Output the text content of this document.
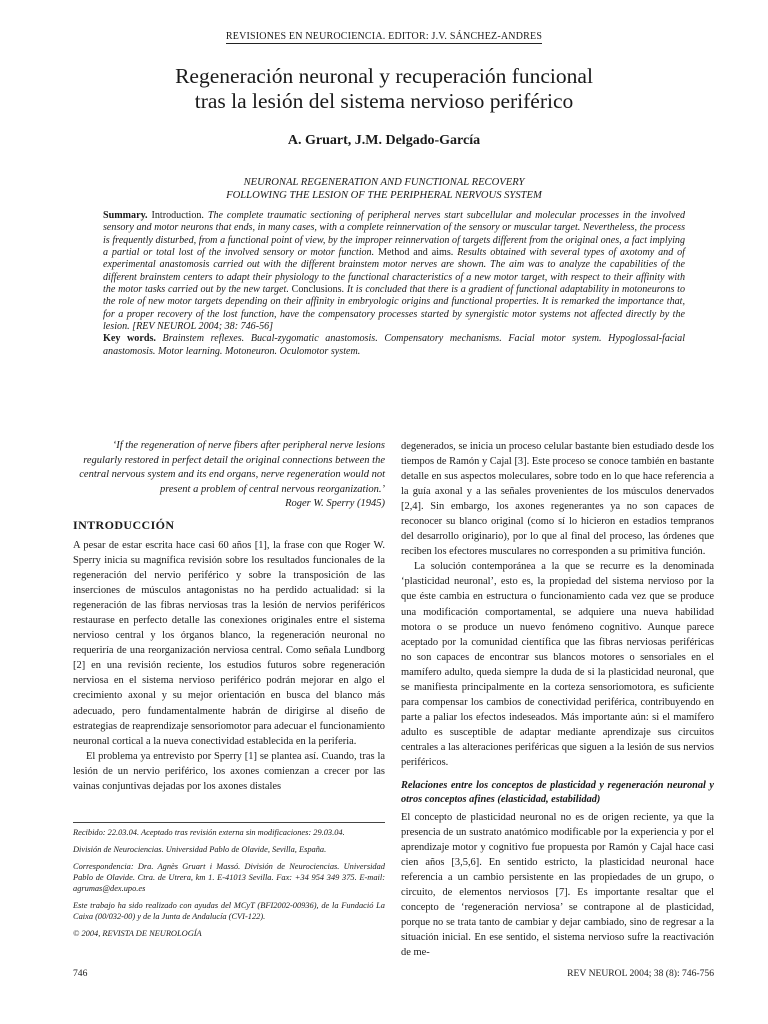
REVISIONES EN NEUROCIENCIA. EDITOR: J.V. SÁNCHEZ-ANDRES
Regeneración neuronal y recuperación funcional
tras la lesión del sistema nervioso periférico
A. Gruart, J.M. Delgado-García
NEURONAL REGENERATION AND FUNCTIONAL RECOVERY
FOLLOWING THE LESION OF THE PERIPHERAL NERVOUS SYSTEM
Summary. Introduction. The complete traumatic sectioning of peripheral nerves start subcellular and molecular processes in the involved sensory and motor neurons that ends, in many cases, with a complete reinnervation of the sensory or muscular target. Nevertheless, the process is frequently disturbed, from a functional point of view, by the improper reinnervation of targets different from the original ones, a fact implying a partial or total lost of the involved sensory or motor function. Method and aims. Results obtained with several types of axotomy and of experimental anastomosis carried out with the different brainstem motor nerves are shown. The aim was to analyze the capabilities of the different brainstem centers to adapt their physiology to the functional characteristics of a new motor target, with respect to their affinity with the motor tasks carried out by the new target. Conclusions. It is concluded that there is a gradient of functional adaptability in motoneurons to the role of new motor targets depending on their affinity in embryologic origins and functional properties. It is remarked the importance that, for a proper recovery of the lost function, have the compensatory processes started by synergistic motor systems not affected directly by the lesion. [REV NEUROL 2004; 38: 746-56]
Key words. Brainstem reflexes. Bucal-zygomatic anastomosis. Compensatory mechanisms. Facial motor system. Hypoglossal-facial anastomosis. Motor learning. Motoneuron. Oculomotor system.
‘If the regeneration of nerve fibers after peripheral nerve lesions regularly restored in perfect detail the original connections between the central nervous system and its end organs, nerve regeneration would not present a problem of central nervous reorganization.’
Roger W. Sperry (1945)
INTRODUCCIÓN

A pesar de estar escrita hace casi 60 años [1], la frase con que Roger W. Sperry inicia su magnífica revisión sobre los resultados funcionales de la regeneración del nervio periférico y sobre la transposición de las inserciones de músculos antagonistas no ha perdido actualidad: si la regeneración de las fibras nerviosas tras la lesión de nervios periféricos restaurase en perfecto detalle las conexiones originales entre el sistema nervioso central y los órganos blanco, la regeneración neuronal no requeriría de una reorganización nerviosa central. Como señala Lundborg [2] en una revisión reciente, los estudios futuros sobre regeneración nerviosa en el sistema nervioso periférico podrán mejorar en algo el crecimiento axonal y su mejor orientación en busca del blanco más adecuado, pero fundamentalmente habrán de dirigirse al diseño de estrategias de reaprendizaje sensoriomotor para adecuar el funcionamiento neuronal cortical a la nueva conectividad establecida en la periferia.

El problema ya entrevisto por Sperry [1] se plantea así. Cuando, tras la lesión de un nervio periférico, los axones comienzan a crecer por las vainas conjuntivas dejadas por los axones distales

Recibido: 22.03.04. Aceptado tras revisión externa sin modificaciones: 29.03.04.
División de Neurociencias. Universidad Pablo de Olavide, Sevilla, España.
Correspondencia: Dra. Agnès Gruart i Massó. División de Neurociencias. Universidad Pablo de Olavide. Ctra. de Utrera, km 1. E-41013 Sevilla. Fax: +34 954 349 375. E-mail: agrumas@dex.upo.es
Este trabajo ha sido realizado con ayudas del MCyT (BFI2002-00936), de la Fundació La Caixa (00/032-00) y de la Junta de Andalucía (CVI-122).
© 2004, REVISTA DE NEUROLOGÍA

degenerados, se inicia un proceso celular bastante bien estudiado desde los tiempos de Ramón y Cajal [3]. Este proceso se conoce también en bastante detalle en sus aspectos moleculares, sobre todo en lo que hace referencia a la guía axonal y a las señales provenientes de los músculos denervados [2,4]. Sin embargo, los axones regenerantes ya no son capaces de reconocer su blanco original (como sí lo hicieron en estadios tempranos del desarrollo originario), por lo que al final del proceso, las órdenes que reciben los efectores musculares no corresponden a su primitiva función.

La solución contemporánea a la que se recurre es la denominada ‘plasticidad neuronal’, esto es, la propiedad del sistema nervioso por la que éste cambia en estructura o funcionamiento cada vez que se produce una modificación comportamental, se adquiere una nueva habilidad motora o se produce un nuevo fenómeno cognitivo. Aunque parece aceptado por la comunidad científica que las fibras nerviosas periféricas no son capaces de encontrar sus blancos motores o sensoriales en el mamífero adulto, queda siempre la duda de si la plasticidad neuronal, que se manifiesta principalmente en la corteza sensoriomotora, es suficiente para compensar los cambios de conectividad periférica, contribuyendo en parte a paliar los efectos indeseados. Más importante aún: si el mamífero adulto es susceptible de adaptar mediante aprendizaje sus circuitos centrales a las alteraciones periféricas que siguen a la lesión de sus nervios periféricos.

Relaciones entre los conceptos de plasticidad y regeneración neuronal y otros conceptos afines (elasticidad, estabilidad)

El concepto de plasticidad neuronal no es de origen reciente, ya que la presencia de un sustrato anatómico modificable por la experiencia y por el aprendizaje motor y cognitivo fue propuesta por Ramón y Cajal hace casi cien años [3,5,6]. En sentido estricto, la plasticidad neuronal hace referencia a un cambio persistente en las propiedades de un grupo, o circuito, de elementos nerviosos [7]. Es importante resaltar que el concepto de ‘regeneración nerviosa’ se contrapone al de plasticidad, porque no se trata tanto de cambiar y dejar cambiado, sino de regresar a la situación inicial. En ese sentido, el sistema nervioso sufre la reactivación de me-

746	REV NEUROL 2004; 38 (8): 746-756
